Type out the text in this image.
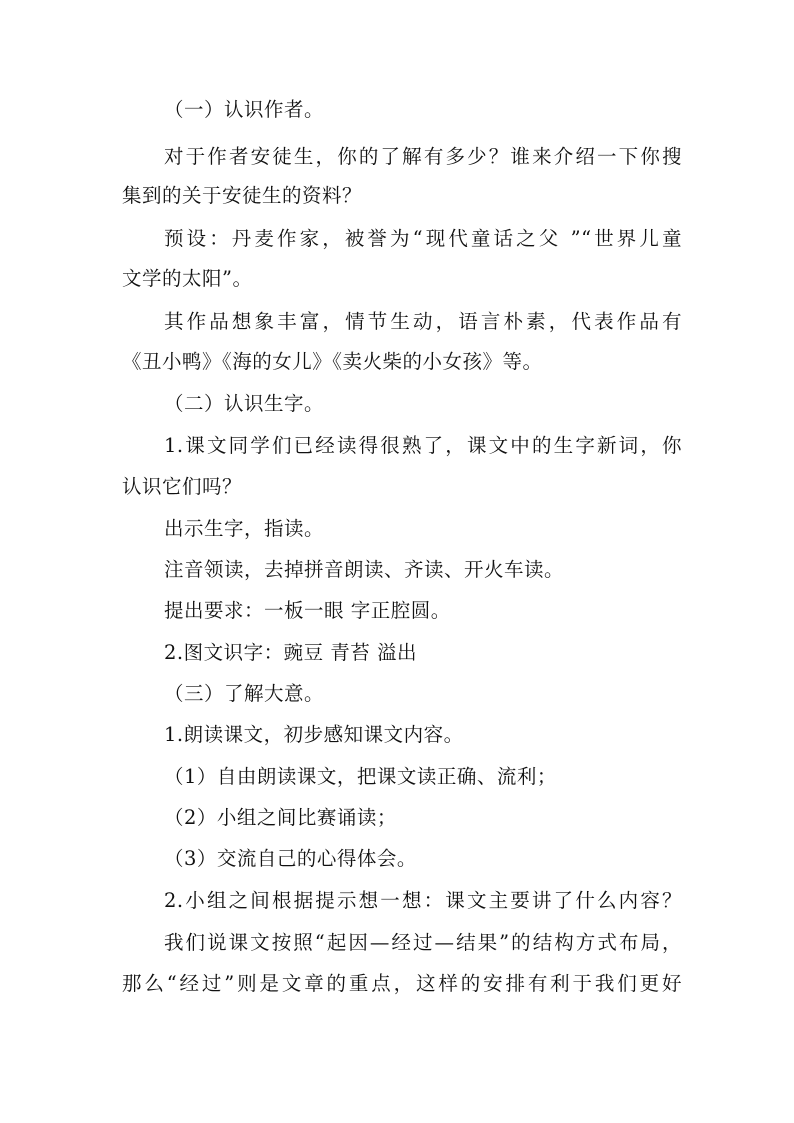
（一）认识作者。
对于作者安徒生，你的了解有多少？谁来介绍一下你搜
集到的关于安徒生的资料？
预设：丹麦作家，被誉为“现代童话之父 ”“世界儿童
文学的太阳”。
其作品想象丰富，情节生动，语言朴素，代表作品有
《丑小鸭》《海的女儿》《卖火柴的小女孩》等。
（二）认识生字。
1.课文同学们已经读得很熟了，课文中的生字新词，你
认识它们吗？
出示生字，指读。
注音领读，去掉拼音朗读、齐读、开火车读。
提出要求：一板一眼 字正腔圆。
2.图文识字：豌豆 青苔 溢出
（三）了解大意。
1.朗读课文，初步感知课文内容。
（1）自由朗读课文，把课文读正确、流利；
（2）小组之间比赛诵读；
（3）交流自己的心得体会。
2.小组之间根据提示想一想：课文主要讲了什么内容？
我们说课文按照“起因—经过—结果”的结构方式布局，
那么“经过”则是文章的重点，这样的安排有利于我们更好
